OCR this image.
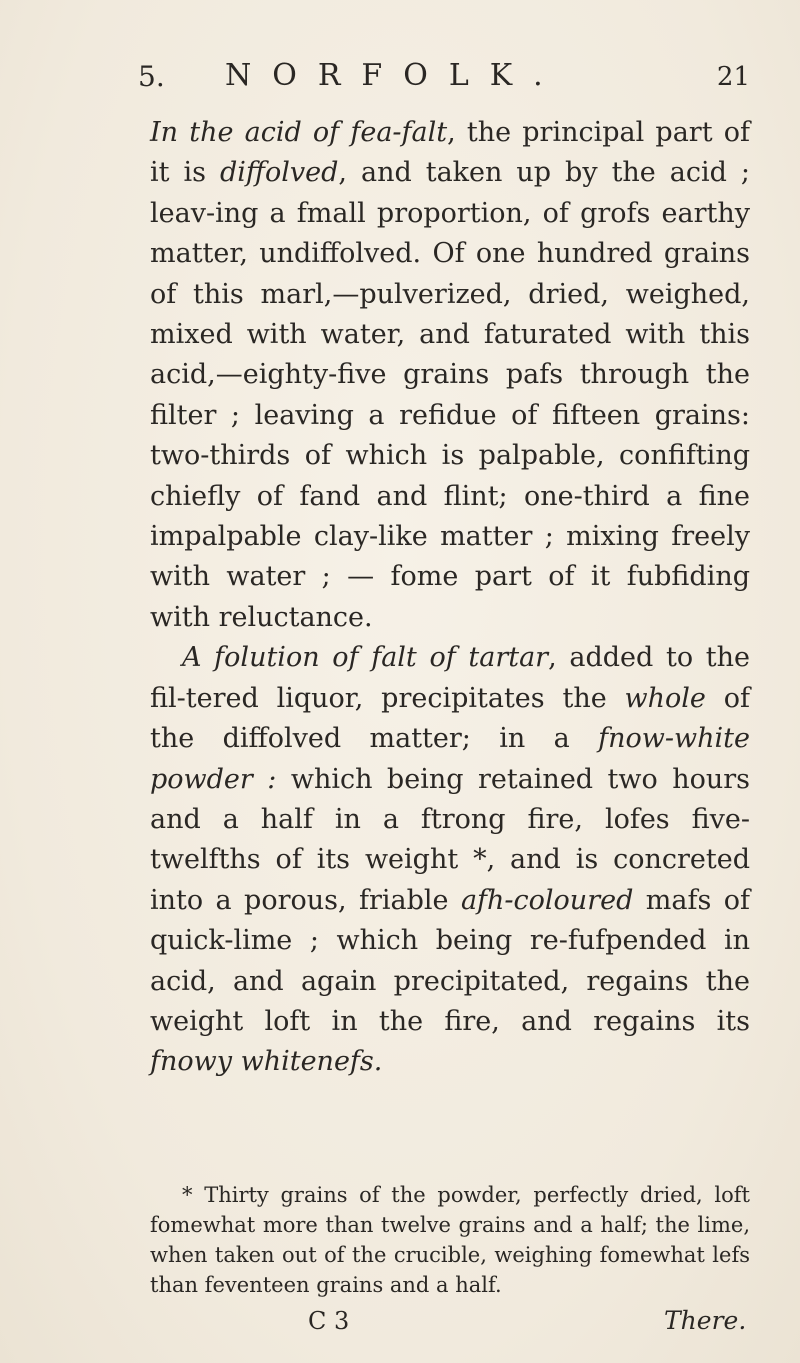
5. NORFOLK.	21

In the acid of fea-falt, the principal part of it is diffolved, and taken up by the acid ; leav-ing a fmall proportion, of grofs earthy matter, undiffolved. Of one hundred grains of this marl,—pulverized, dried, weighed, mixed with water, and faturated with this acid,—eighty-five grains pafs through the filter ; leaving a refidue of fifteen grains: two-thirds of which is palpable, confifting chiefly of fand and flint; one-third a fine impalpable clay-like matter ; mixing freely with water ; — fome part of it fubfiding with reluctance.

A folution of falt of tartar, added to the fil-tered liquor, precipitates the whole of the diffolved matter; in a fnow-white powder : which being retained two hours and a half in a ftrong fire, lofes five-twelfths of its weight *, and is concreted into a porous, friable afh-coloured mafs of quick-lime ; which being re-fufpended in acid, and again precipitated, regains the weight loft in the fire, and regains its fnowy whitenefs.

* Thirty grains of the powder, perfectly dried, loft fomewhat more than twelve grains and a half; the lime, when taken out of the crucible, weighing fomewhat lefs than feventeen grains and a half.

C 3	There.
